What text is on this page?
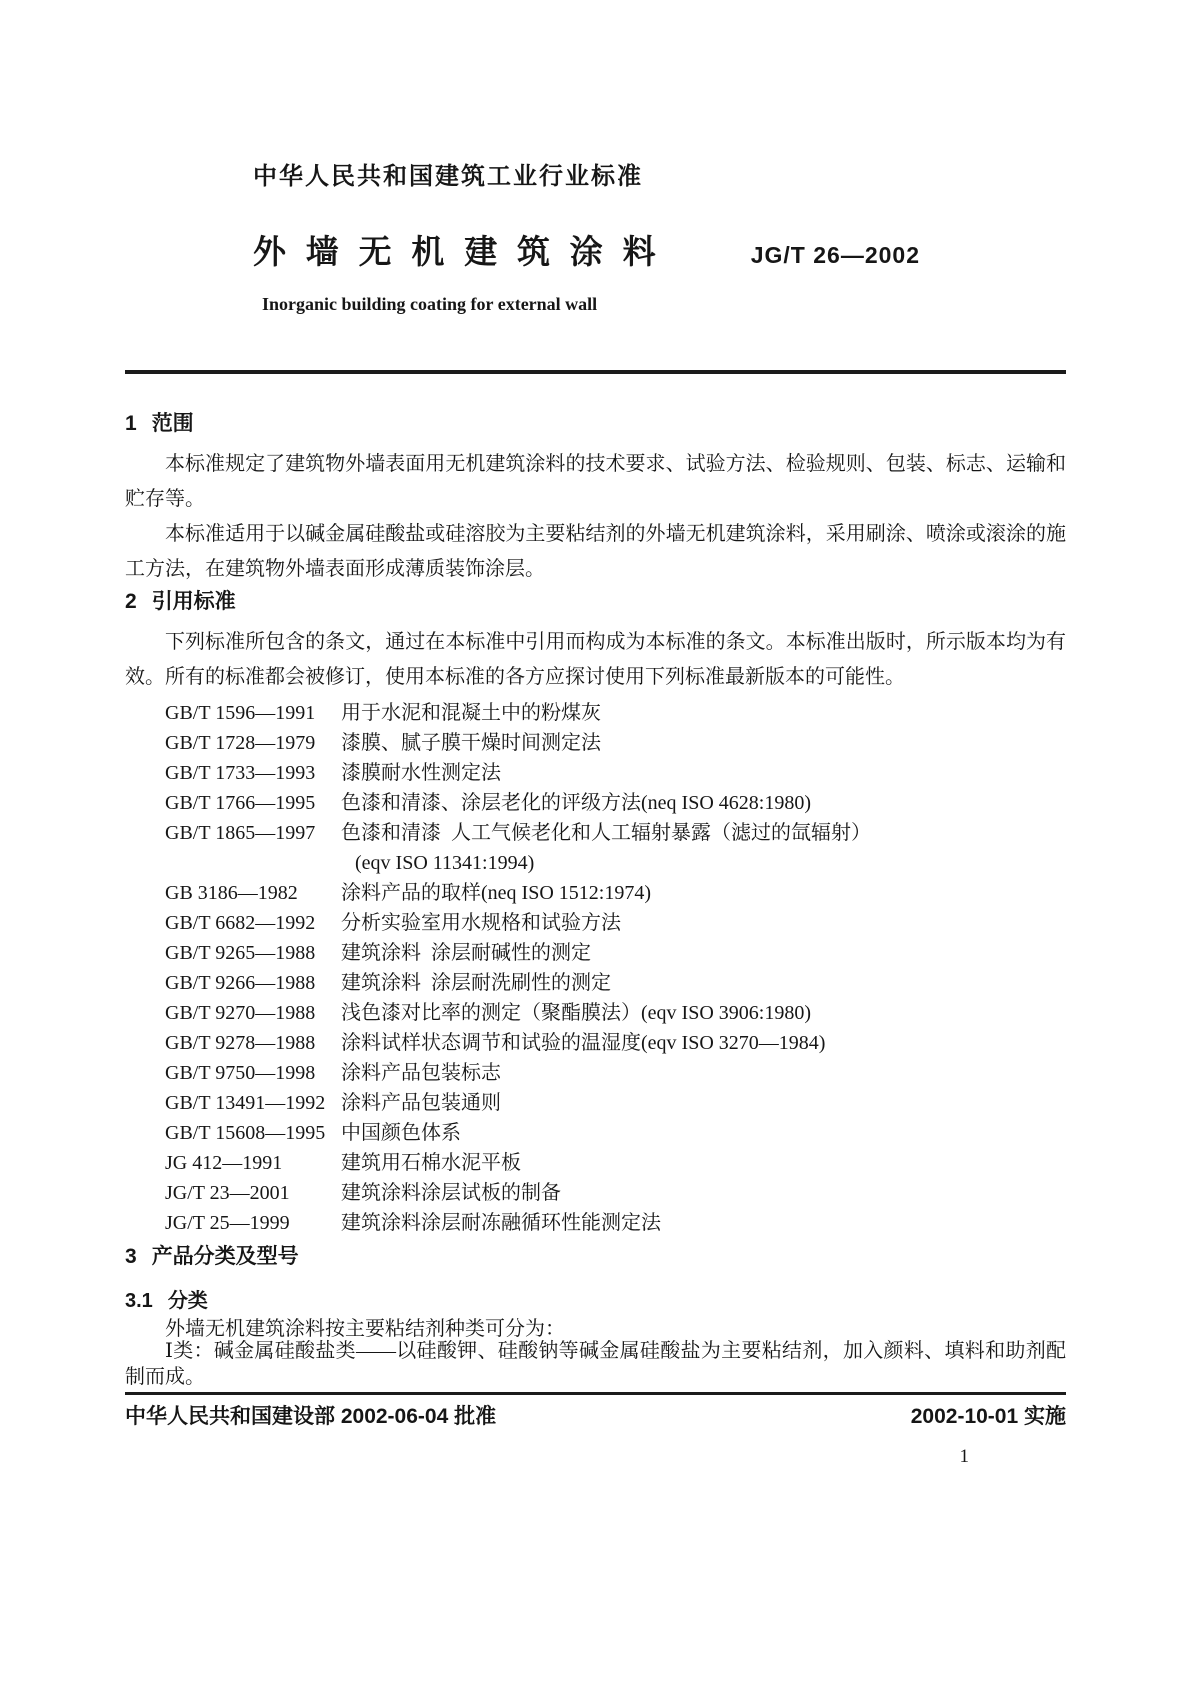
中华人民共和国建筑工业行业标准
外墙无机建筑涂料	JG/T 26—2002
Inorganic building coating for external wall
1 范围

本标准规定了建筑物外墙表面用无机建筑涂料的技术要求、试验方法、检验规则、包装、标志、运输和贮存等。

本标准适用于以碱金属硅酸盐或硅溶胶为主要粘结剂的外墙无机建筑涂料，采用刷涂、喷涂或滚涂的施工方法，在建筑物外墙表面形成薄质装饰涂层。

2 引用标准

下列标准所包含的条文，通过在本标准中引用而构成为本标准的条文。本标准出版时，所示版本均为有效。所有的标准都会被修订，使用本标准的各方应探讨使用下列标准最新版本的可能性。

GB/T 1596—1991 用于水泥和混凝土中的粉煤灰
GB/T 1728—1979 漆膜、腻子膜干燥时间测定法
GB/T 1733—1993 漆膜耐水性测定法
GB/T 1766—1995 色漆和清漆、涂层老化的评级方法(neq ISO 4628:1980)
GB/T 1865—1997 色漆和清漆  人工气候老化和人工辐射暴露（滤过的氙辐射）
(eqv ISO 11341:1994)
GB 3186—1982 涂料产品的取样(neq ISO 1512:1974)
GB/T 6682—1992 分析实验室用水规格和试验方法
GB/T 9265—1988 建筑涂料  涂层耐碱性的测定
GB/T 9266—1988 建筑涂料  涂层耐洗刷性的测定
GB/T 9270—1988 浅色漆对比率的测定（聚酯膜法）(eqv ISO 3906:1980)
GB/T 9278—1988 涂料试样状态调节和试验的温湿度(eqv ISO 3270—1984)
GB/T 9750—1998 涂料产品包装标志
GB/T 13491—1992 涂料产品包装通则
GB/T 15608—1995 中国颜色体系
JG 412—1991	建筑用石棉水泥平板
JG/T 23—2001	建筑涂料涂层试板的制备
JG/T 25—1999	建筑涂料涂层耐冻融循环性能测定法
3 产品分类及型号
3.1 分类

外墙无机建筑涂料按主要粘结剂种类可分为：

Ⅰ类：碱金属硅酸盐类——以硅酸钾、硅酸钠等碱金属硅酸盐为主要粘结剂，加入颜料、填料和助剂配制而成。

中华人民共和国建设部 2002-06-04 批准	2002-10-01 实施
1
